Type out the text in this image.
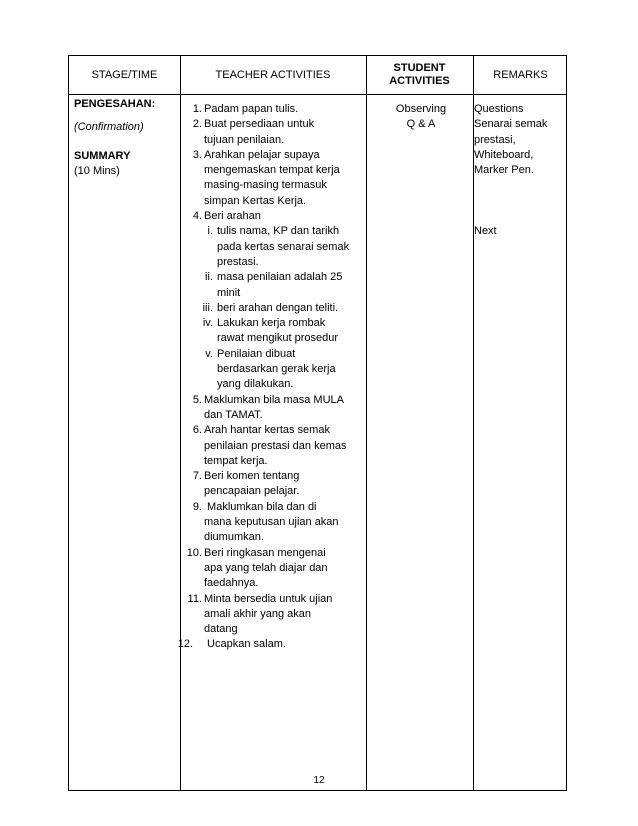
STAGE/TIME	TEACHER ACTIVITIES
STUDENT
ACTIVITIES
REMARKS
PENGESAHAN:
(Confirmation)
SUMMARY
(10 Mins)
1. Padam papan tulis.
2. Buat persediaan untuk
tujuan penilaian.
3. Arahkan pelajar supaya
mengemaskan tempat kerja
masing-masing termasuk
simpan Kertas Kerja.
4. Beri arahan
i. tulis nama, KP dan tarikh
pada kertas senarai semak
prestasi.
ii. masa penilaian adalah 25
minit
iii. beri arahan dengan teliti.
iv. Lakukan kerja rombak
rawat mengikut prosedur
v. Penilaian dibuat
berdasarkan gerak kerja
yang dilakukan.
5. Maklumkan bila masa MULA
dan TAMAT.
6. Arah hantar kertas semak
penilaian prestasi dan kemas
tempat kerja.
7. Beri komen tentang
pencapaian pelajar.
9. Maklumkan bila dan di
mana keputusan ujian akan
diumumkan.
10. Beri ringkasan mengenai
apa yang telah diajar dan
faedahnya.
11. Minta bersedia untuk ujian
amali akhir yang akan
datang
12. Ucapkan salam.
Observing
Q & A
Questions
Senarai semak
prestasi,
Whiteboard,
Marker Pen.
Next
12
